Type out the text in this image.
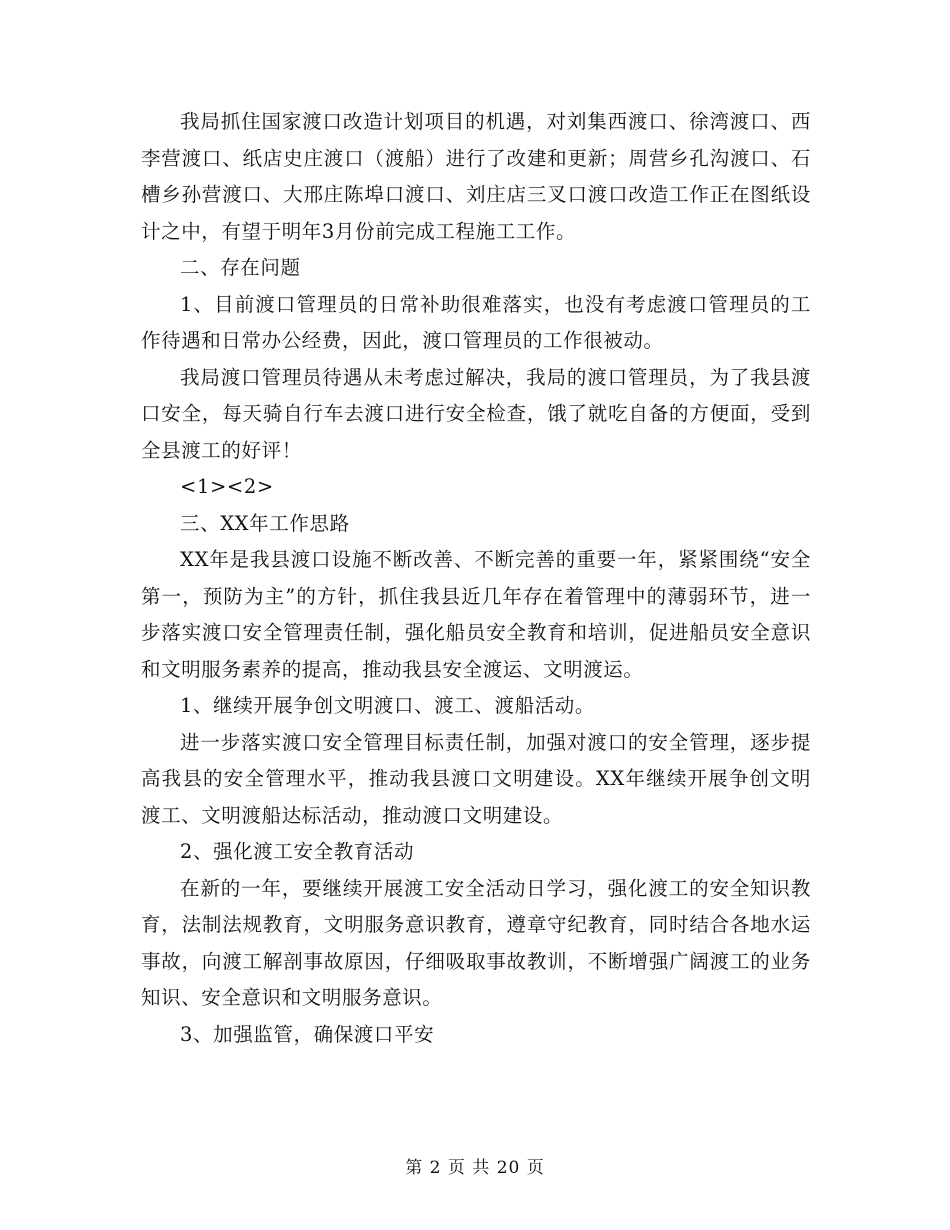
我局抓住国家渡口改造计划项目的机遇，对刘集西渡口、徐湾渡口、西李营渡口、纸店史庄渡口（渡船）进行了改建和更新；周营乡孔沟渡口、石槽乡孙营渡口、大邢庄陈埠口渡口、刘庄店三叉口渡口改造工作正在图纸设计之中，有望于明年3月份前完成工程施工工作。

二、存在问题

1、目前渡口管理员的日常补助很难落实，也没有考虑渡口管理员的工作待遇和日常办公经费，因此，渡口管理员的工作很被动。

我局渡口管理员待遇从未考虑过解决，我局的渡口管理员，为了我县渡口安全，每天骑自行车去渡口进行安全检查，饿了就吃自备的方便面，受到全县渡工的好评！

<1><2>

三、XX年工作思路

XX年是我县渡口设施不断改善、不断完善的重要一年，紧紧围绕“安全第一，预防为主”的方针，抓住我县近几年存在着管理中的薄弱环节，进一步落实渡口安全管理责任制，强化船员安全教育和培训，促进船员安全意识和文明服务素养的提高，推动我县安全渡运、文明渡运。

1、继续开展争创文明渡口、渡工、渡船活动。

进一步落实渡口安全管理目标责任制，加强对渡口的安全管理，逐步提高我县的安全管理水平，推动我县渡口文明建设。XX年继续开展争创文明渡工、文明渡船达标活动，推动渡口文明建设。

2、强化渡工安全教育活动

在新的一年，要继续开展渡工安全活动日学习，强化渡工的安全知识教育，法制法规教育，文明服务意识教育，遵章守纪教育，同时结合各地水运事故，向渡工解剖事故原因，仔细吸取事故教训，不断增强广阔渡工的业务知识、安全意识和文明服务意识。

3、加强监管，确保渡口平安

第 2 页 共 20 页
